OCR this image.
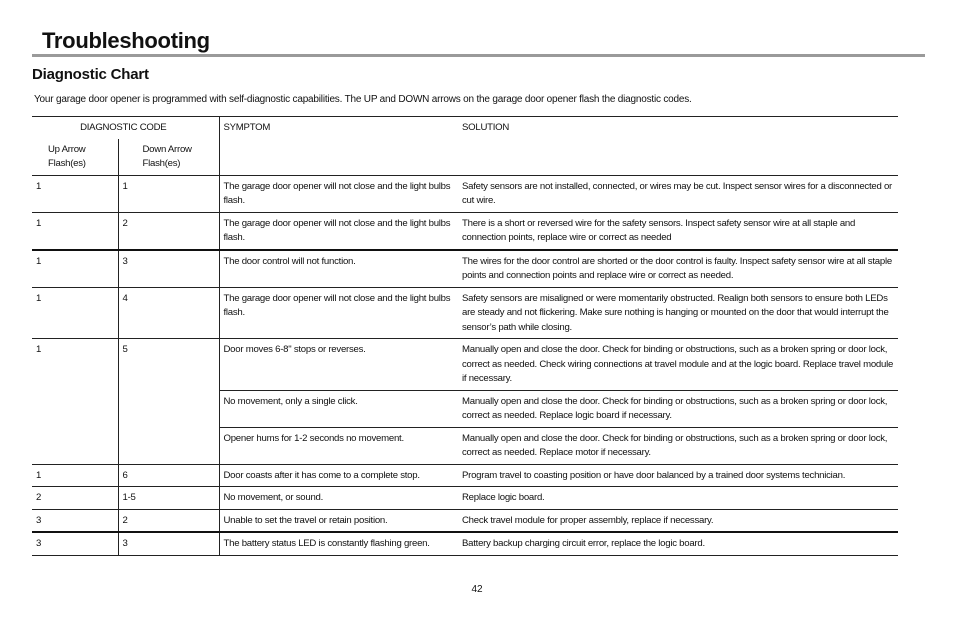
Troubleshooting
Diagnostic Chart
Your garage door opener is programmed with self-diagnostic capabilities. The UP and DOWN arrows on the garage door opener flash the diagnostic codes.
DIAGNOSTIC CODE		SYMPTOM	SOLUTION
Up Arrow Flash(es)	Down Arrow Flash(es)		
1	1	The garage door opener will not close and the light bulbs flash.	Safety sensors are not installed, connected, or wires may be cut. Inspect sensor wires for a disconnected or cut wire.
1	2	The garage door opener will not close and the light bulbs flash.	There is a short or reversed wire for the safety sensors. Inspect safety sensor wire at all staple and connection points, replace wire or correct as needed
1	3	The door control will not function.	The wires for the door control are shorted or the door control is faulty. Inspect safety sensor wire at all staple points and connection points and replace wire or correct as needed.
1	4	The garage door opener will not close and the light bulbs flash.	Safety sensors are misaligned or were momentarily obstructed. Realign both sensors to ensure both LEDs are steady and not flickering. Make sure nothing is hanging or mounted on the door that would interrupt the sensor’s path while closing.
1	5	Door moves 6-8" stops or reverses.	Manually open and close the door. Check for binding or obstructions, such as a broken spring or door lock, correct as needed. Check wiring connections at travel module and at the logic board. Replace travel module if necessary.
		No movement, only a single click.	Manually open and close the door. Check for binding or obstructions, such as a broken spring or door lock, correct as needed. Replace logic board if necessary.
		Opener hums for 1-2 seconds no movement.	Manually open and close the door. Check for binding or obstructions, such as a broken spring or door lock, correct as needed. Replace motor if necessary.
1	6	Door coasts after it has come to a complete stop.	Program travel to coasting position or have door balanced by a trained door systems technician.
2	1-5	No movement, or sound.	Replace logic board.
3	2	Unable to set the travel or retain position.	Check travel module for proper assembly, replace if necessary.
3	3	The battery status LED is constantly flashing green.	Battery backup charging circuit error, replace the logic board.
42
